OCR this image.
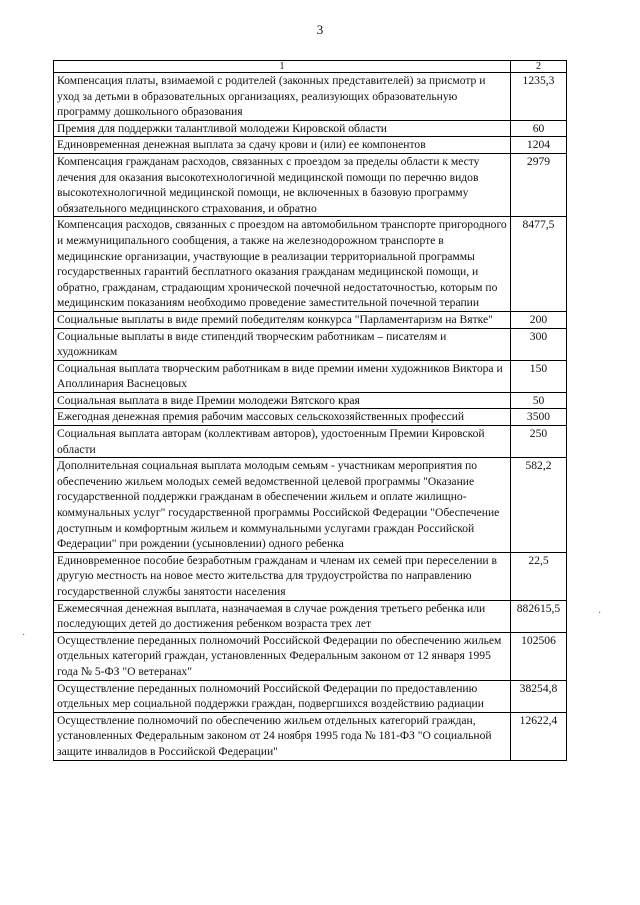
3
1	2
Компенсация платы, взимаемой с родителей (законных представителей) за присмотр и уход за детьми в образовательных организациях, реализующих образовательную программу дошкольного образования	1235,3
Премия для поддержки талантливой молодежи Кировской области	60
Единовременная денежная выплата за сдачу крови и (или) ее компонентов	1204
Компенсация гражданам расходов, связанных с проездом за пределы области к месту лечения для оказания высокотехнологичной медицинской помощи по перечню видов высокотехнологичной медицинской помощи, не включенных в базовую программу обязательного медицинского страхования, и обратно	2979
Компенсация расходов, связанных с проездом на автомобильном транспорте пригородного и межмуниципального сообщения, а также на железнодорожном транспорте в медицинские организации, участвующие в реализации территориальной программы государственных гарантий бесплатного оказания гражданам медицинской помощи, и обратно, гражданам, страдающим хронической почечной недостаточностью, которым по медицинским показаниям необходимо проведение заместительной почечной терапии	8477,5
Социальные выплаты в виде премий победителям конкурса "Парламентаризм на Вятке"	200
Социальные выплаты в виде стипендий творческим работникам – писателям и художникам	300
Социальная выплата творческим работникам в виде премии имени художников Виктора и Аполлинария Васнецовых	150
Социальная выплата в виде Премии молодежи Вятского края	50
Ежегодная денежная премия рабочим массовых сельскохозяйственных профессий	3500
Социальная выплата авторам (коллективам авторов), удостоенным Премии Кировской области	250
Дополнительная социальная выплата молодым семьям - участникам мероприятия по обеспечению жильем молодых семей ведомственной целевой программы "Оказание государственной поддержки гражданам в обеспечении жильем и оплате жилищно-коммунальных услуг" государственной программы Российской Федерации "Обеспечение доступным и комфортным жильем и коммунальными услугами граждан Российской Федерации" при рождении (усыновлении) одного ребенка	582,2
Единовременное пособие безработным гражданам и членам их семей при переселении в другую местность на новое место жительства для трудоустройства по направлению государственной службы занятости населения	22,5
Ежемесячная денежная выплата, назначаемая в случае рождения третьего ребенка или последующих детей до достижения ребенком возраста трех лет	882615,5
Осуществление переданных полномочий Российской Федерации по обеспечению жильем отдельных категорий граждан, установленных Федеральным законом от 12 января 1995 года № 5-ФЗ "О ветеранах"	102506
Осуществление переданных полномочий Российской Федерации по предоставлению отдельных мер социальной поддержки граждан, подвергшихся воздействию радиации	38254,8
Осуществление полномочий по обеспечению жильем отдельных категорий граждан, установленных Федеральным законом от 24 ноября 1995 года № 181-ФЗ "О социальной защите инвалидов в Российской Федерации"	12622,4
·
·
